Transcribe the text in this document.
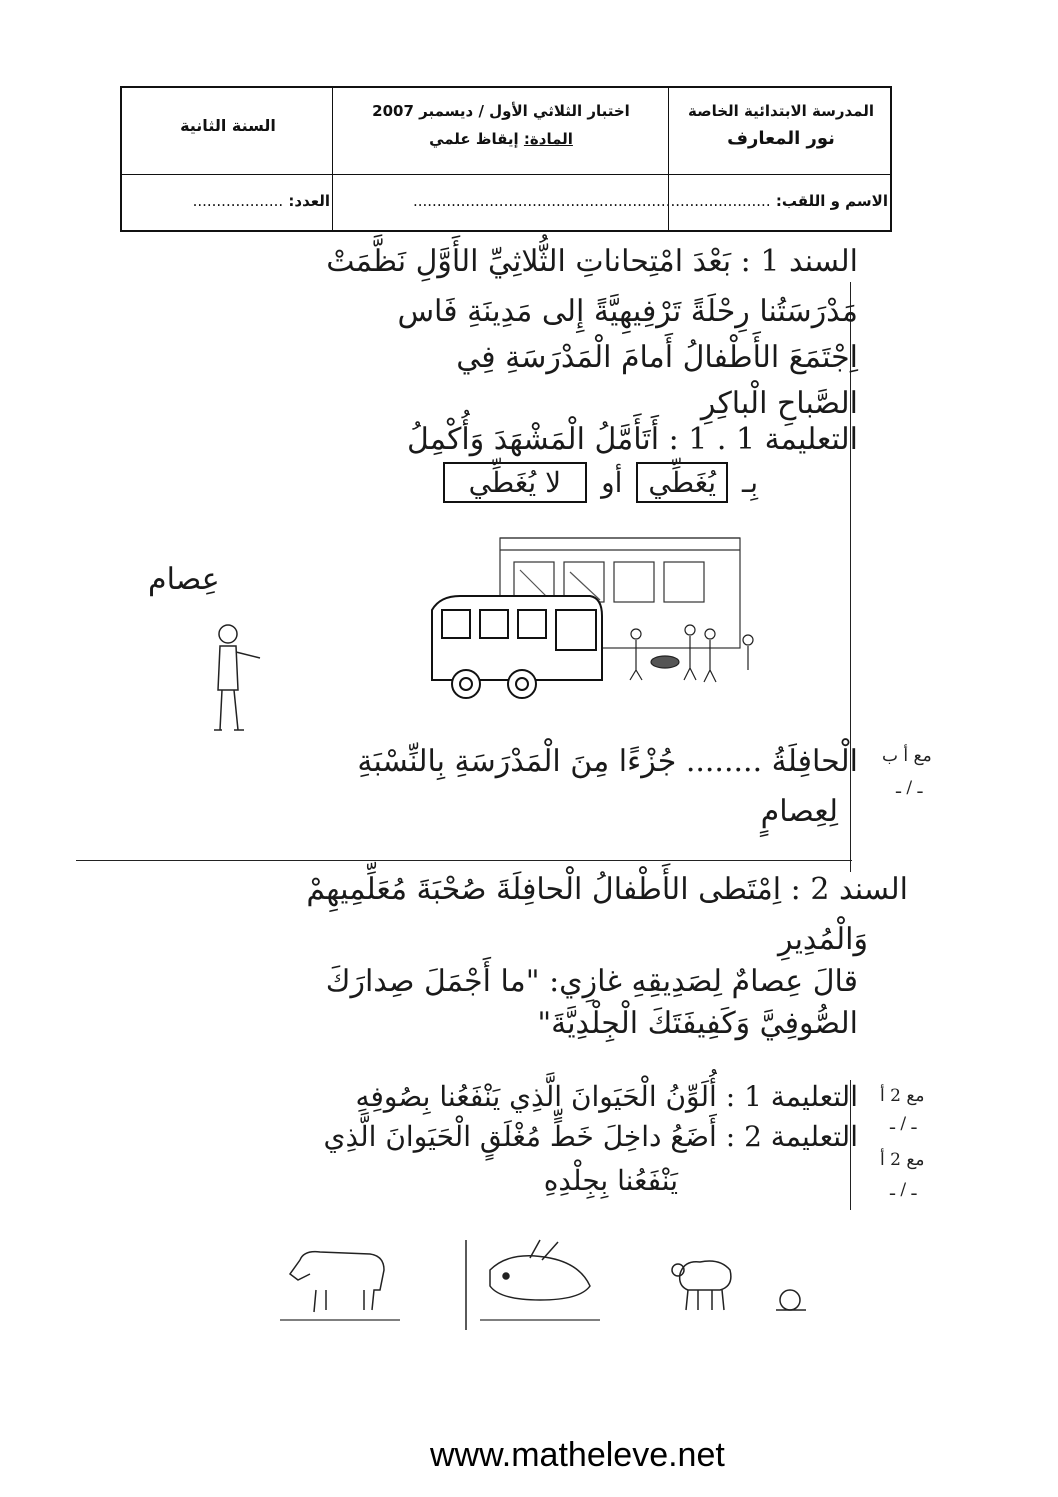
المدرسة الابتدائية الخاصة
نور المعارف
اختبار الثلاثي الأول / ديسمبر 2007
المادة: إيقاظ علمي
السنة الثانية
الاسم و اللقب: ...........................................................................
العدد: ...................
السند 1 : بَعْدَ امْتِحاناتِ الثُّلاثِيِّ الأَوَّلِ نَظَّمَتْ
مَدْرَسَتُنا رِحْلَةً تَرْفِيهِيَّةً إِلى مَدِينَةِ فَاس
اِجْتَمَعَ الأَطْفالُ أَمامَ الْمَدْرَسَةِ فِي
الصَّباحِ الْباكِرِ
التعليمة 1 . 1 : أَتَأَمَّلُ الْمَشْهَدَ وَأُكْمِلُ
بِـ
يُغَطِّي
أو
لا يُغَطِّي
عِصام
مع أ ب
ـ / ـ
الْحافِلَةُ ........ جُزْءًا مِنَ الْمَدْرَسَةِ بِالنِّسْبَةِ
لِعِصامٍ
السند 2 : اِمْتَطى الأَطْفالُ الْحافِلَةَ صُحْبَةَ مُعَلِّمِيهِمْ
وَالْمُدِيرِ
قالَ عِصامٌ لِصَدِيقِهِ غازِي: "ما أَجْمَلَ صِدارَكَ
الصُّوفِيَّ وَكَفِيفَتَكَ الْجِلْدِيَّةَ"
التعليمة 1 : أُلَوِّنُ الْحَيَوانَ الَّذِي يَنْفَعُنا بِصُوفِهِ
التعليمة 2 : أَضَعُ داخِلَ خَطٍّ مُغْلَقٍ الْحَيَوانَ الَّذِي
يَنْفَعُنا بِجِلْدِهِ
مع 2 أ
ـ / ـ
مع 2 أ
ـ / ـ
www.matheleve.net
